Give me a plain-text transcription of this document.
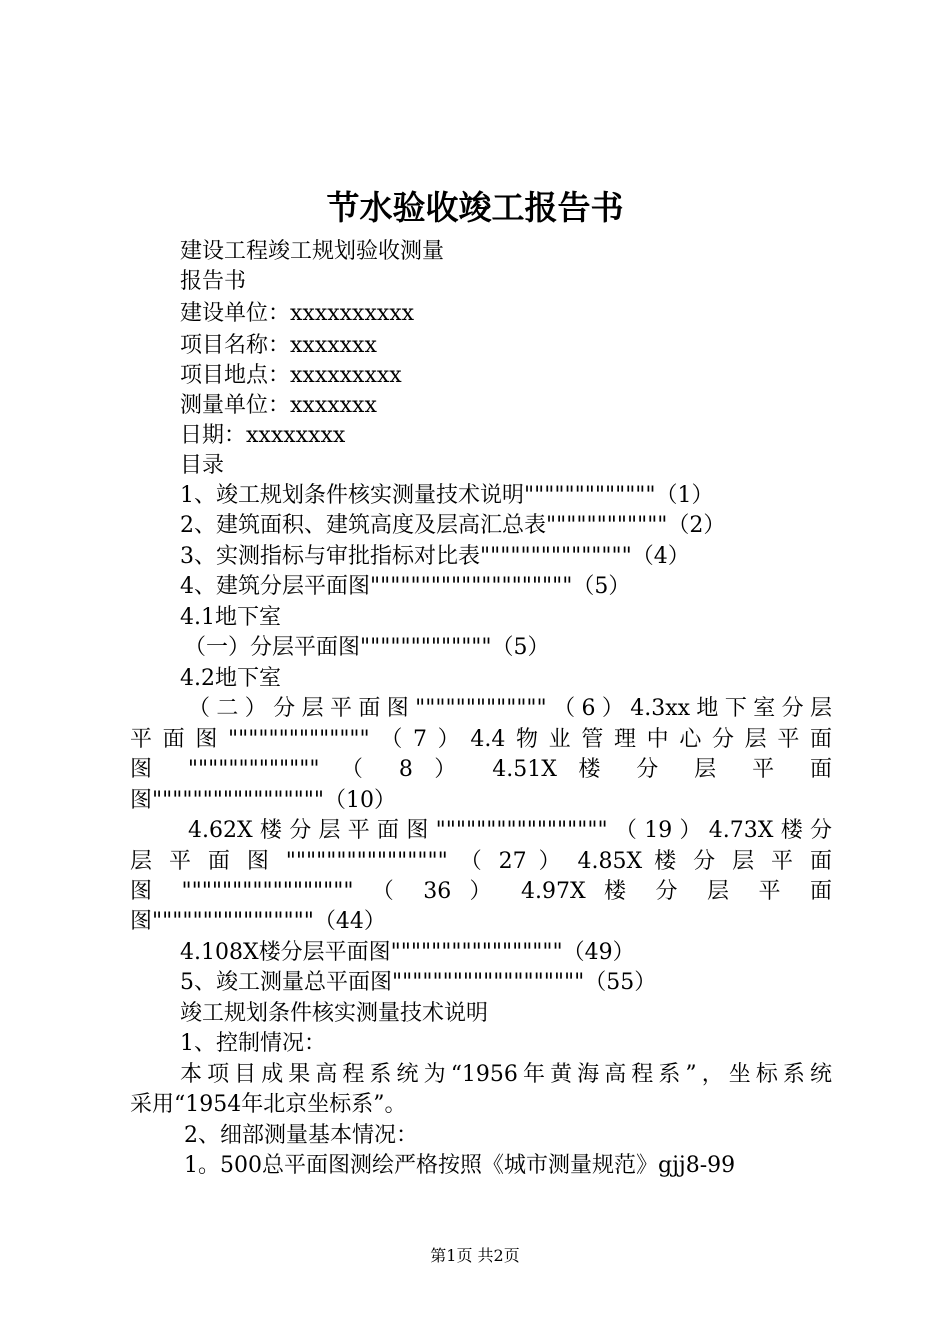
节水验收竣工报告书
建设工程竣工规划验收测量
报告书
建设单位：xxxxxxxxxx
项目名称：xxxxxxx
项目地点：xxxxxxxxx
测量单位：xxxxxxx
日期：xxxxxxxx
目录
1、竣工规划条件核实测量技术说明"""""""""""""（1）
2、建筑面积、建筑高度及层高汇总表""""""""""""（2）
3、实测指标与审批指标对比表"""""""""""""""（4）
4、建筑分层平面图""""""""""""""""""""（5）
4.1地下室
（一）分层平面图"""""""""""""（5）
4.2地下室
（二）分层平面图"""""""""""""（6）4.3xx地下室分层
平面图""""""""""""""（7）4.4物业管理中心分层平面
图 """"""""""""" （ 8 ） 4.51X 楼 分 层 平 面
图"""""""""""""""""（10）
4.62X楼分层平面图"""""""""""""""""（19）4.73X楼分
层 平 面 图 """""""""""""""" （ 27 ） 4.85X 楼 分 层 平 面
图 """"""""""""""""" （ 36 ） 4.97X 楼 分 层 平 面
图""""""""""""""""（44）
4.108X楼分层平面图"""""""""""""""""（49）
5、竣工测量总平面图"""""""""""""""""""（55）
竣工规划条件核实测量技术说明
1、控制情况：
本项目成果高程系统为“1956年黄海高程系”，坐标系统
采用“1954年北京坐标系”。
2、细部测量基本情况：
1。500总平面图测绘严格按照《城市测量规范》gjj8-99
第1页 共2页
